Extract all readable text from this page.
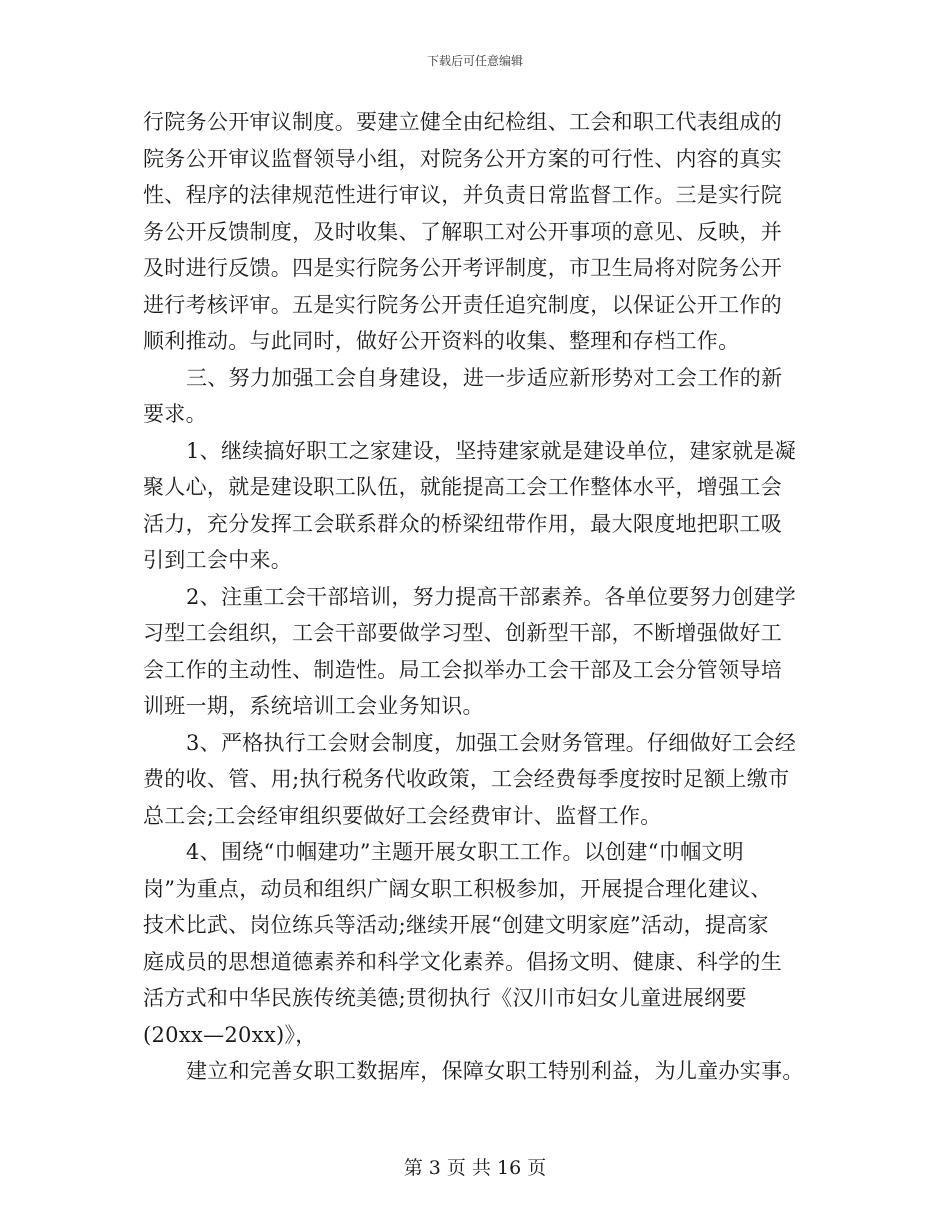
下载后可任意编辑
行院务公开审议制度。要建立健全由纪检组、工会和职工代表组成的
院务公开审议监督领导小组，对院务公开方案的可行性、内容的真实
性、程序的法律规范性进行审议，并负责日常监督工作。三是实行院
务公开反馈制度，及时收集、了解职工对公开事项的意见、反映，并
及时进行反馈。四是实行院务公开考评制度，市卫生局将对院务公开
进行考核评审。五是实行院务公开责任追究制度，以保证公开工作的
顺利推动。与此同时，做好公开资料的收集、整理和存档工作。
三、努力加强工会自身建设，进一步适应新形势对工会工作的新
要求。
1、继续搞好职工之家建设，坚持建家就是建设单位，建家就是凝
聚人心，就是建设职工队伍，就能提高工会工作整体水平，增强工会
活力，充分发挥工会联系群众的桥梁纽带作用，最大限度地把职工吸
引到工会中来。
2、注重工会干部培训，努力提高干部素养。各单位要努力创建学
习型工会组织，工会干部要做学习型、创新型干部，不断增强做好工
会工作的主动性、制造性。局工会拟举办工会干部及工会分管领导培
训班一期，系统培训工会业务知识。
3、严格执行工会财会制度，加强工会财务管理。仔细做好工会经
费的收、管、用;执行税务代收政策，工会经费每季度按时足额上缴市
总工会;工会经审组织要做好工会经费审计、监督工作。
4、围绕“巾帼建功”主题开展女职工工作。以创建“巾帼文明
岗”为重点，动员和组织广阔女职工积极参加，开展提合理化建议、
技术比武、岗位练兵等活动;继续开展“创建文明家庭”活动，提高家
庭成员的思想道德素养和科学文化素养。倡扬文明、健康、科学的生
活方式和中华民族传统美德;贯彻执行《汉川市妇女儿童进展纲要
(20xx—20xx)》，
建立和完善女职工数据库，保障女职工特别利益，为儿童办实事。
第 3 页 共 16 页
